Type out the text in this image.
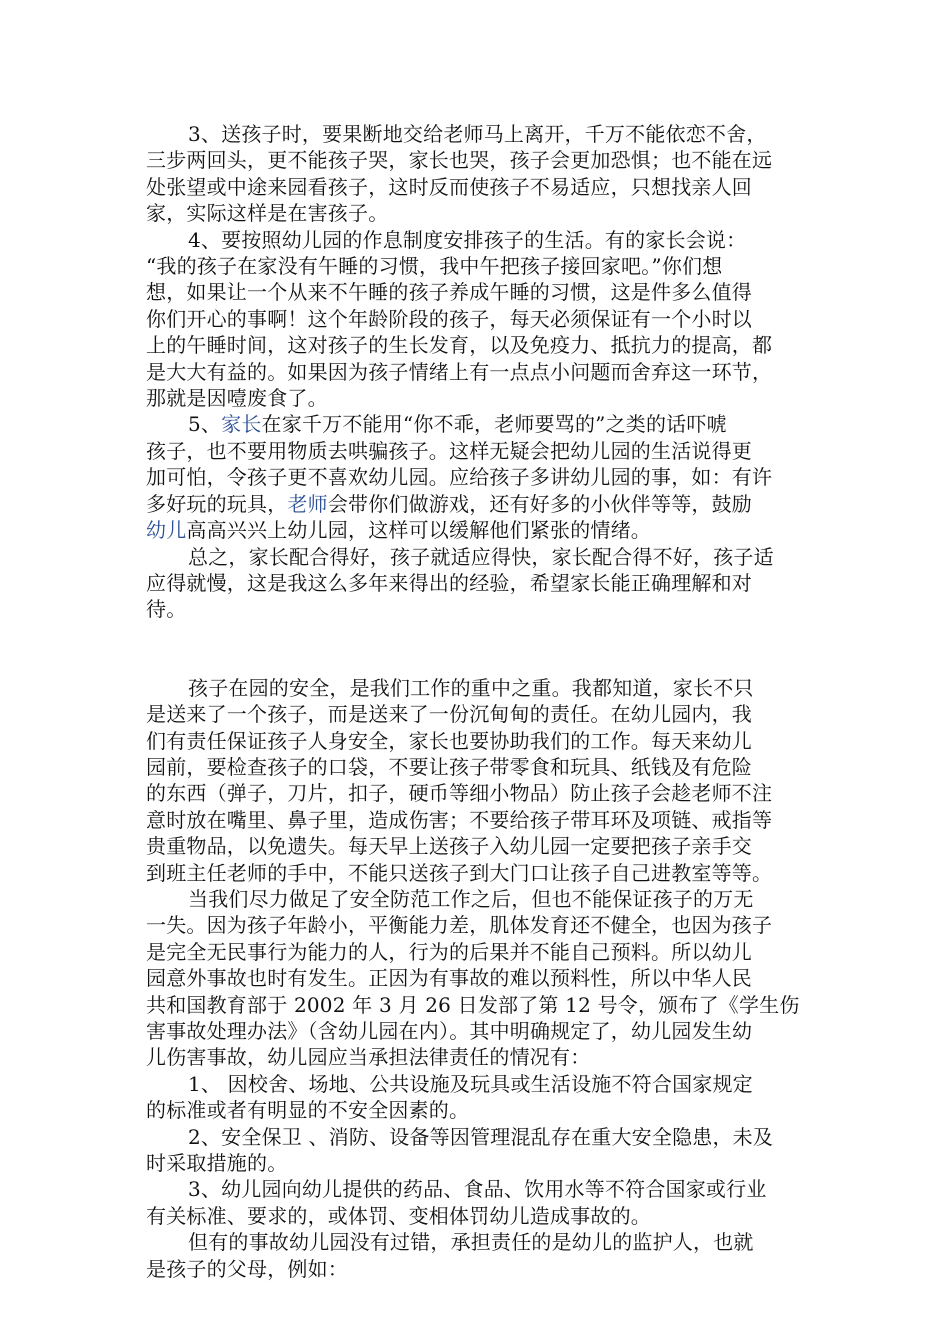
3、送孩子时，要果断地交给老师马上离开，千万不能依恋不舍，
三步两回头，更不能孩子哭，家长也哭，孩子会更加恐惧；也不能在远
处张望或中途来园看孩子，这时反而使孩子不易适应，只想找亲人回
家，实际这样是在害孩子。

4、要按照幼儿园的作息制度安排孩子的生活。有的家长会说：
“我的孩子在家没有午睡的习惯，我中午把孩子接回家吧。”你们想
想，如果让一个从来不午睡的孩子养成午睡的习惯，这是件多么值得
你们开心的事啊！这个年龄阶段的孩子，每天必须保证有一个小时以
上的午睡时间，这对孩子的生长发育，以及免疫力、抵抗力的提高，都
是大大有益的。如果因为孩子情绪上有一点点小问题而舍弃这一环节，
那就是因噎废食了。

5、家长在家千万不能用“你不乖，老师要骂的”之类的话吓唬
孩子，也不要用物质去哄骗孩子。这样无疑会把幼儿园的生活说得更
加可怕，令孩子更不喜欢幼儿园。应给孩子多讲幼儿园的事，如：有许
多好玩的玩具，老师会带你们做游戏，还有好多的小伙伴等等，鼓励
幼儿高高兴兴上幼儿园，这样可以缓解他们紧张的情绪。

总之，家长配合得好，孩子就适应得快，家长配合得不好，孩子适
应得就慢，这是我这么多年来得出的经验，希望家长能正确理解和对
待。

孩子在园的安全，是我们工作的重中之重。我都知道，家长不只
是送来了一个孩子，而是送来了一份沉甸甸的责任。在幼儿园内，我
们有责任保证孩子人身安全，家长也要协助我们的工作。每天来幼儿
园前，要检查孩子的口袋，不要让孩子带零食和玩具、纸钱及有危险
的东西（弹子，刀片，扣子，硬币等细小物品）防止孩子会趁老师不注
意时放在嘴里、鼻子里，造成伤害；不要给孩子带耳环及项链、戒指等
贵重物品，以免遗失。每天早上送孩子入幼儿园一定要把孩子亲手交
到班主任老师的手中，不能只送孩子到大门口让孩子自己进教室等等。

当我们尽力做足了安全防范工作之后，但也不能保证孩子的万无
一失。因为孩子年龄小，平衡能力差，肌体发育还不健全，也因为孩子
是完全无民事行为能力的人，行为的后果并不能自己预料。所以幼儿
园意外事故也时有发生。正因为有事故的难以预料性，所以中华人民
共和国教育部于 2002 年 3 月 26 日发部了第 12 号令，颁布了《学生伤
害事故处理办法》（含幼儿园在内）。其中明确规定了，幼儿园发生幼
儿伤害事故，幼儿园应当承担法律责任的情况有：

1、 因校舍、场地、公共设施及玩具或生活设施不符合国家规定
的标准或者有明显的不安全因素的。

2、安全保卫 、消防、设备等因管理混乱存在重大安全隐患，未及
时采取措施的。

3、幼儿园向幼儿提供的药品、食品、饮用水等不符合国家或行业
有关标准、要求的，或体罚、变相体罚幼儿造成事故的。

但有的事故幼儿园没有过错，承担责任的是幼儿的监护人，也就
是孩子的父母，例如：
